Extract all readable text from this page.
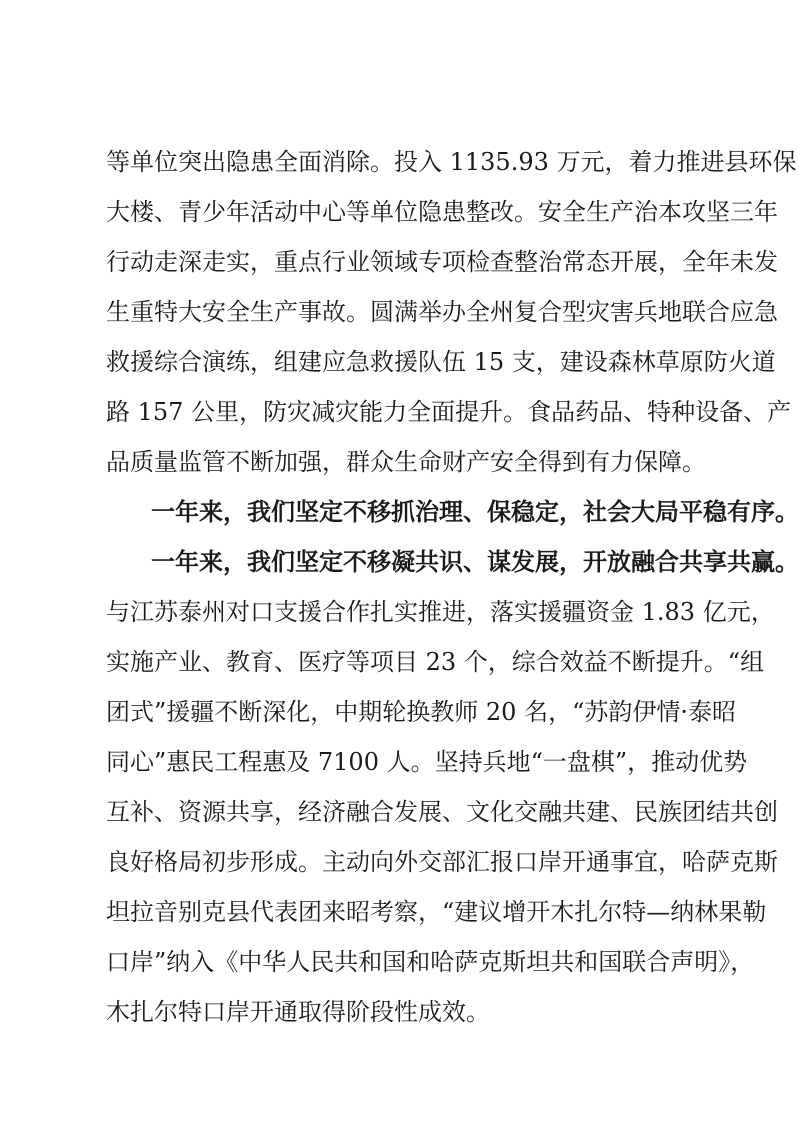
等单位突出隐患全面消除。投入 1135.93 万元，着力推进县环保
大楼、青少年活动中心等单位隐患整改。安全生产治本攻坚三年
行动走深走实，重点行业领域专项检查整治常态开展，全年未发
生重特大安全生产事故。圆满举办全州复合型灾害兵地联合应急
救援综合演练，组建应急救援队伍 15 支，建设森林草原防火道
路 157 公里，防灾减灾能力全面提升。食品药品、特种设备、产
品质量监管不断加强，群众生命财产安全得到有力保障。
一年来，我们坚定不移抓治理、保稳定，社会大局平稳有序。
一年来，我们坚定不移凝共识、谋发展，开放融合共享共赢。
与江苏泰州对口支援合作扎实推进，落实援疆资金 1.83 亿元，
实施产业、教育、医疗等项目 23 个，综合效益不断提升。“组
团式”援疆不断深化，中期轮换教师 20 名，“苏韵伊情·泰昭
同心”惠民工程惠及 7100 人。坚持兵地“一盘棋”，推动优势
互补、资源共享，经济融合发展、文化交融共建、民族团结共创
良好格局初步形成。主动向外交部汇报口岸开通事宜，哈萨克斯
坦拉音别克县代表团来昭考察，“建议增开木扎尔特—纳林果勒
口岸”纳入《中华人民共和国和哈萨克斯坦共和国联合声明》，
木扎尔特口岸开通取得阶段性成效。
